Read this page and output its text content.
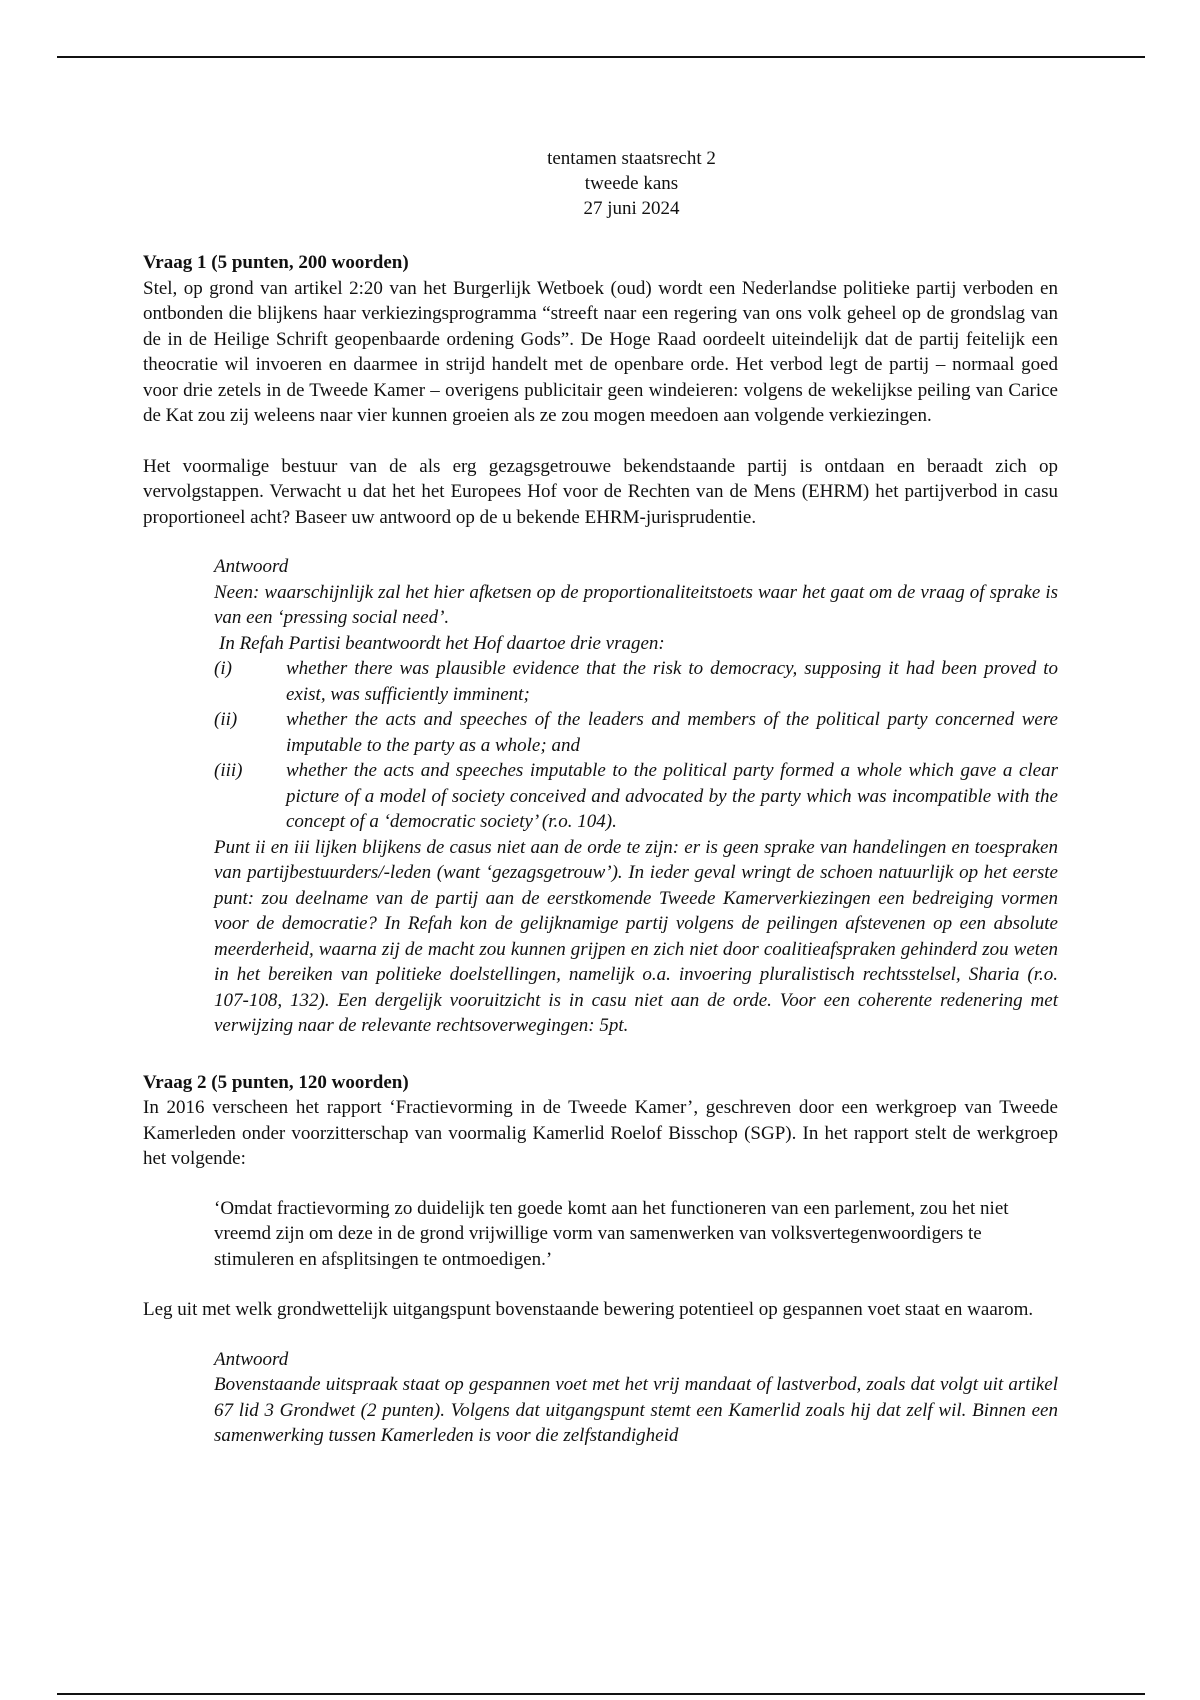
tentamen staatsrecht 2
tweede kans
27 juni 2024

Vraag 1 (5 punten, 200 woorden)

Stel, op grond van artikel 2:20 van het Burgerlijk Wetboek (oud) wordt een Nederlandse politieke partij verboden en ontbonden die blijkens haar verkiezingsprogramma “streeft naar een regering van ons volk geheel op de grondslag van de in de Heilige Schrift geopenbaarde ordening Gods”. De Hoge Raad oordeelt uiteindelijk dat de partij feitelijk een theocratie wil invoeren en daarmee in strijd handelt met de openbare orde. Het verbod legt de partij – normaal goed voor drie zetels in de Tweede Kamer – overigens publicitair geen windeieren: volgens de wekelijkse peiling van Carice de Kat zou zij weleens naar vier kunnen groeien als ze zou mogen meedoen aan volgende verkiezingen.

Het voormalige bestuur van de als erg gezagsgetrouwe bekendstaande partij is ontdaan en beraadt zich op vervolgstappen. Verwacht u dat het het Europees Hof voor de Rechten van de Mens (EHRM) het partijverbod in casu proportioneel acht? Baseer uw antwoord op de u bekende EHRM-jurisprudentie.

Antwoord

Neen: waarschijnlijk zal het hier afketsen op de proportionaliteitstoets waar het gaat om de vraag of sprake is van een ‘pressing social need’.

In Refah Partisi beantwoordt het Hof daartoe drie vragen:

(i)	whether there was plausible evidence that the risk to democracy, supposing it had been proved to exist, was sufficiently imminent;
(ii)	whether the acts and speeches of the leaders and members of the political party concerned were imputable to the party as a whole; and
(iii) whether the acts and speeches imputable to the political party formed a whole which gave a clear picture of a model of society conceived and advocated by the party which was incompatible with the concept of a ‘democratic society’ (r.o. 104).

Punt ii en iii lijken blijkens de casus niet aan de orde te zijn: er is geen sprake van handelingen en toespraken van partijbestuurders/-leden (want ‘gezagsgetrouw’). In ieder geval wringt de schoen natuurlijk op het eerste punt: zou deelname van de partij aan de eerstkomende Tweede Kamerverkiezingen een bedreiging vormen voor de democratie? In Refah kon de gelijknamige partij volgens de peilingen afstevenen op een absolute meerderheid, waarna zij de macht zou kunnen grijpen en zich niet door coalitieafspraken gehinderd zou weten in het bereiken van politieke doelstellingen, namelijk o.a. invoering pluralistisch rechtsstelsel, Sharia (r.o. 107-108, 132). Een dergelijk vooruitzicht is in casu niet aan de orde. Voor een coherente redenering met verwijzing naar de relevante rechtsoverwegingen: 5pt.

Vraag 2 (5 punten, 120 woorden)

In 2016 verscheen het rapport ‘Fractievorming in de Tweede Kamer’, geschreven door een werkgroep van Tweede Kamerleden onder voorzitterschap van voormalig Kamerlid Roelof Bisschop (SGP). In het rapport stelt de werkgroep het volgende:

‘Omdat fractievorming zo duidelijk ten goede komt aan het functioneren van een parlement, zou het niet vreemd zijn om deze in de grond vrijwillige vorm van samenwerken van volksvertegenwoordigers te stimuleren en afsplitsingen te ontmoedigen.’

Leg uit met welk grondwettelijk uitgangspunt bovenstaande bewering potentieel op gespannen voet staat en waarom.

Antwoord

Bovenstaande uitspraak staat op gespannen voet met het vrij mandaat of lastverbod, zoals dat volgt uit artikel 67 lid 3 Grondwet (2 punten). Volgens dat uitgangspunt stemt een Kamerlid zoals hij dat zelf wil. Binnen een samenwerking tussen Kamerleden is voor die zelfstandigheid
